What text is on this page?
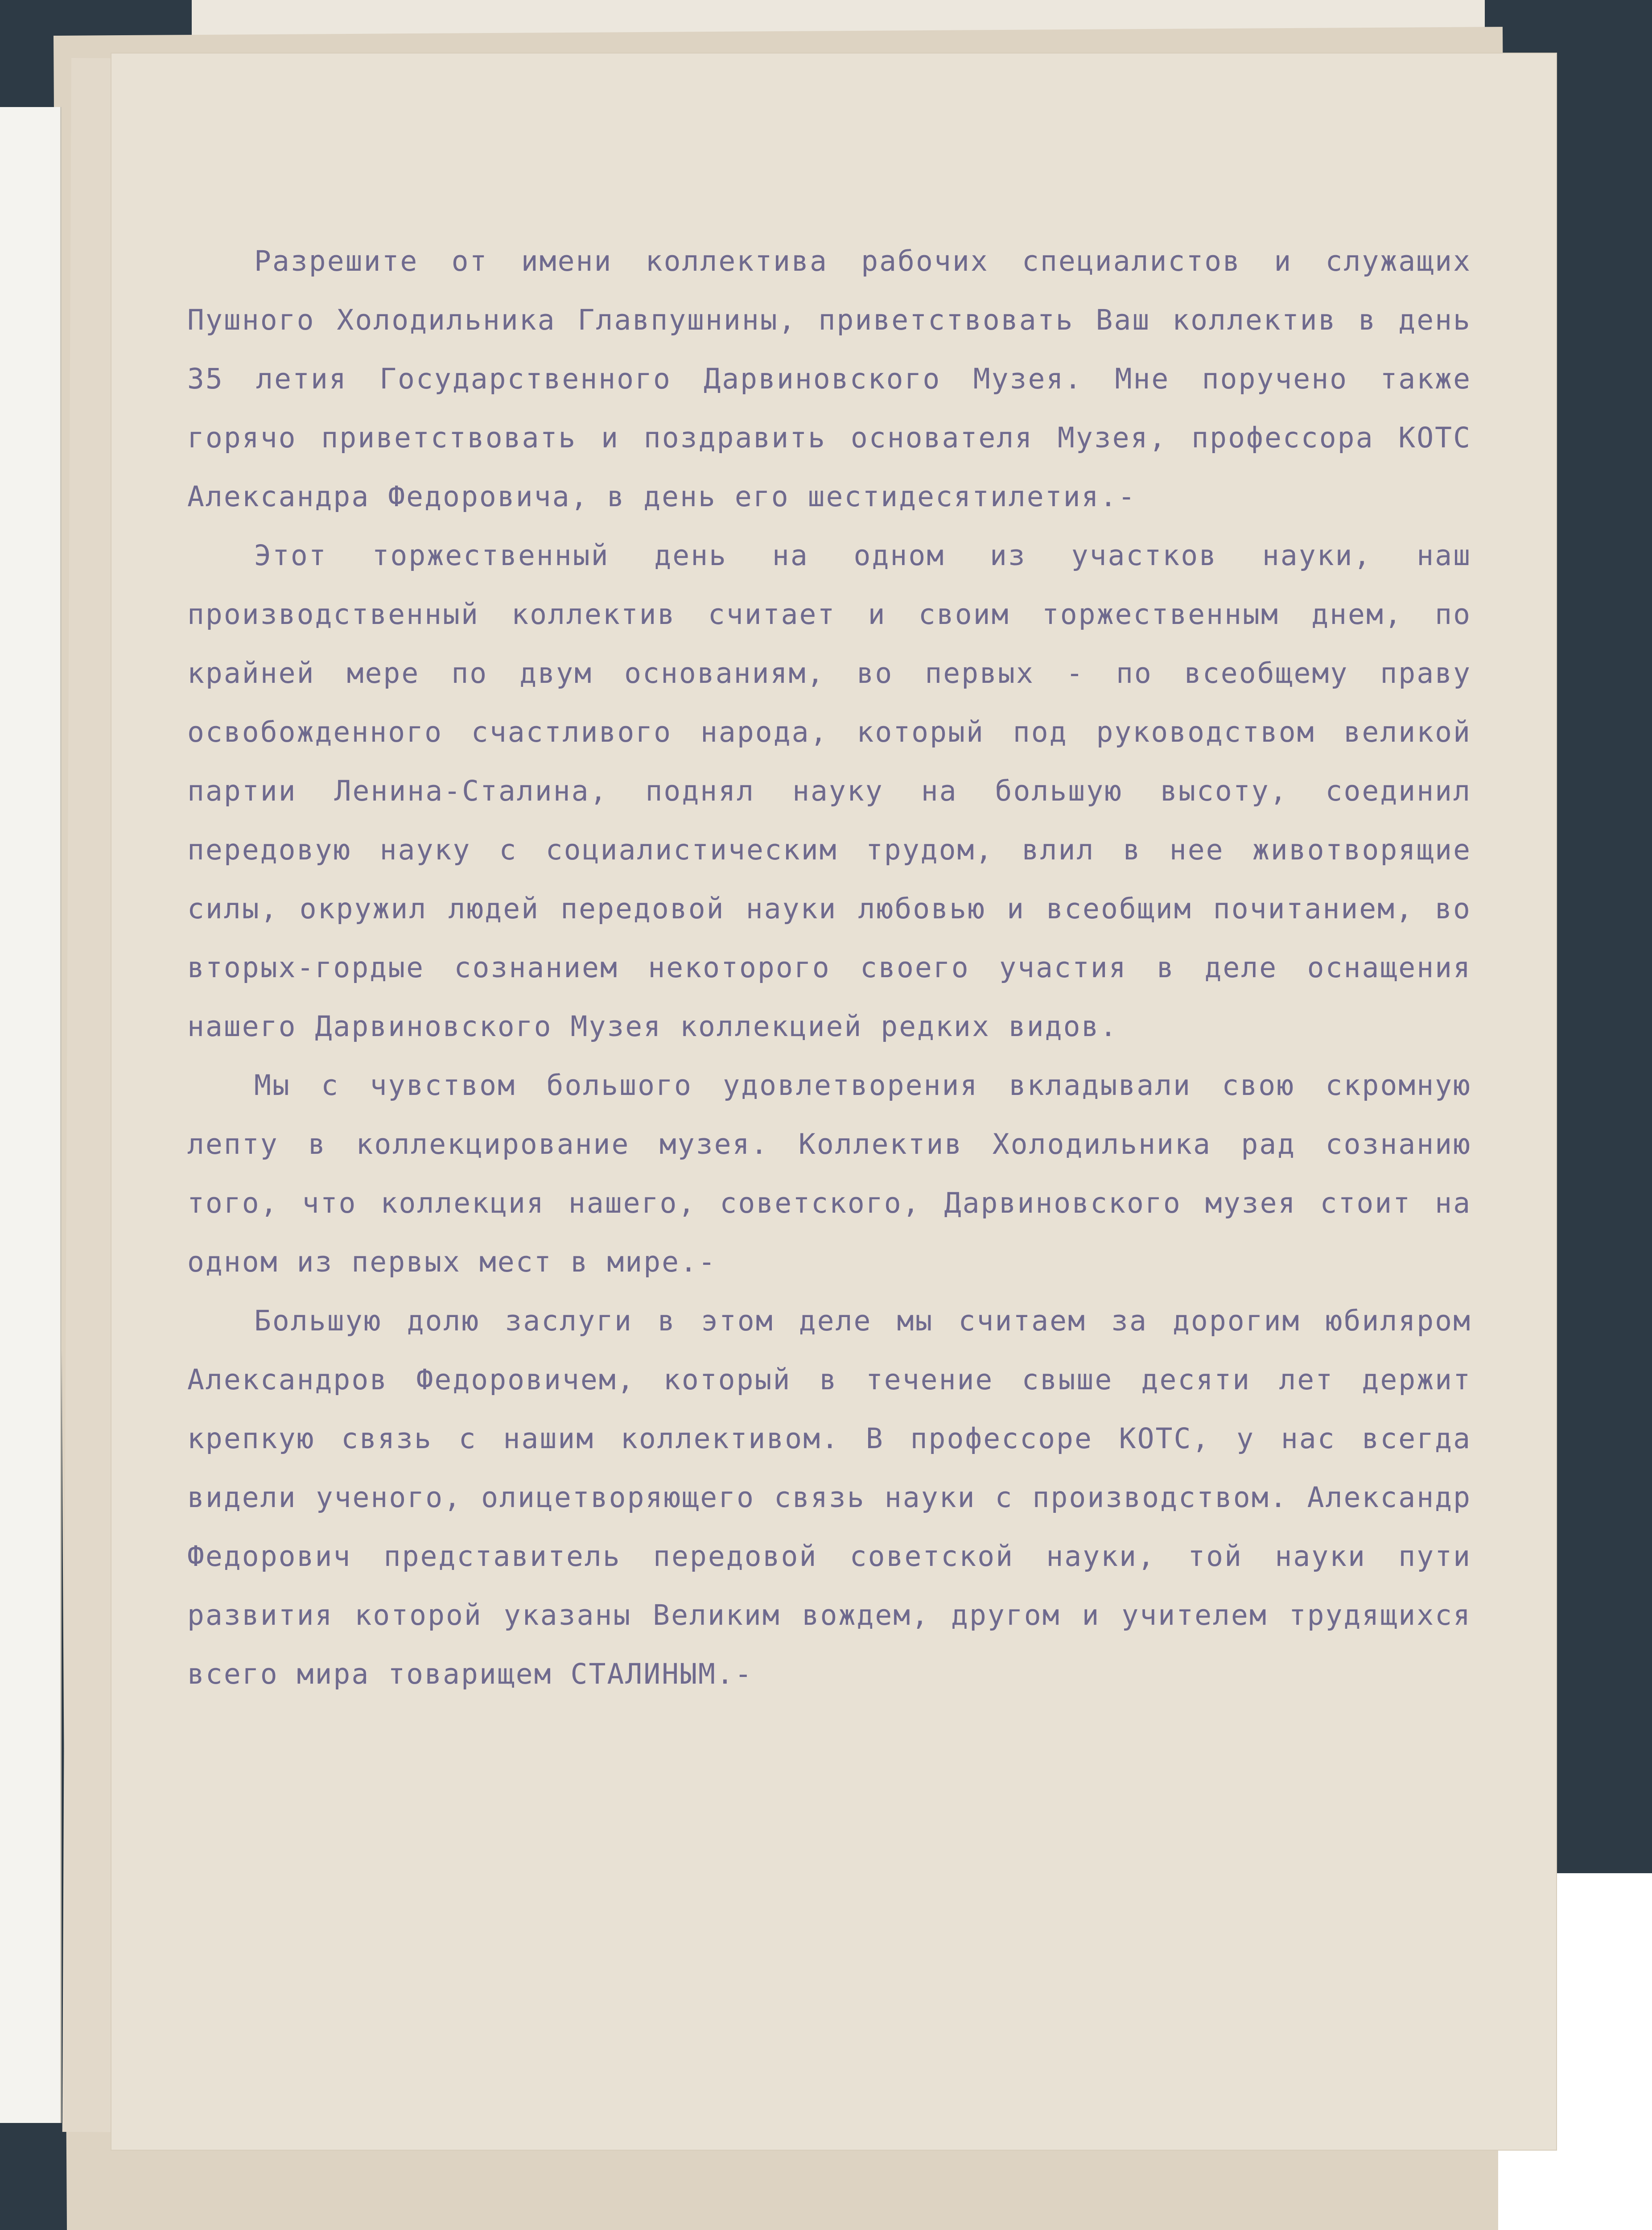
Разрешите от имени коллектива рабочих специалистов и служащих Пушного Холодильника Главпушнины, приветствовать Ваш коллектив в день 35 летия Государственного Дарвиновского Музея. Мне поручено также горячо приветствовать и поздравить основателя Музея, профессора КОТС Александра Федоровича, в день его шестидесятилетия.-

Этот торжественный день на одном из участков науки, наш производственный коллектив считает и своим торжественным днем, по крайней мере по двум основаниям, во первых - по всеобщему праву освобожденного счастливого народа, который под руководством великой партии Ленина-Сталина, поднял науку на большую высоту, соединил передовую науку с социалистическим трудом, влил в нее животворящие силы, окружил людей передовой науки любовью и всеобщим почитанием, во вторых-гордые сознанием некоторого своего участия в деле оснащения нашего Дарвиновского Музея коллекцией редких видов.

Мы с чувством большого удовлетворения вкладывали свою скромную лепту в коллекцирование музея. Коллектив Холодильника рад сознанию того, что коллекция нашего, советского, Дарвиновского музея стоит на одном из первых мест в мире.-

Большую долю заслуги в этом деле мы считаем за дорогим юбиляром Александров Федоровичем, который в течение свыше десяти лет держит крепкую связь с нашим коллективом. В профессоре КОТС, у нас всегда видели ученого, олицетворяющего связь науки с производством. Александр Федорович представитель передовой советской науки, той науки пути развития которой указаны Великим вождем, другом и учителем трудящихся всего мира товарищем СТАЛИНЫМ.-
